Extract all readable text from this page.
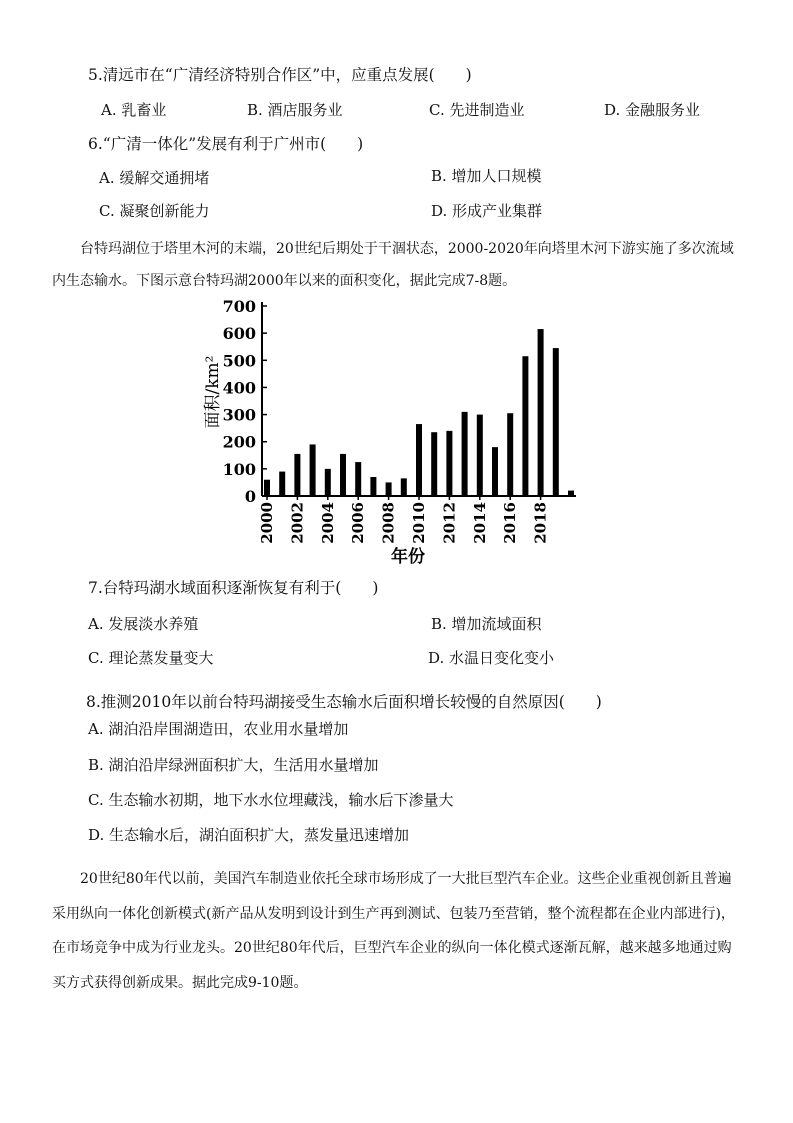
5.清远市在“广清经济特别合作区”中，应重点发展(　　)
A. 乳畜业	B. 酒店服务业	C. 先进制造业	D. 金融服务业
6.“广清一体化”发展有利于广州市(　　)
A. 缓解交通拥堵	B. 增加人口规模
C. 凝聚创新能力	D. 形成产业集群

台特玛湖位于塔里木河的末端，20世纪后期处于干涸状态，2000-2020年向塔里木河下游实施了多次流域内生态输水。下图示意台特玛湖2000年以来的面积变化，据此完成7-8题。

0
100
200
300
400
500
600
700
2000 2002 2004 2006 2008 2010 2012 2014 2016 2018
面积/km²
年份
7.台特玛湖水域面积逐渐恢复有利于(　　)
A. 发展淡水养殖	B. 增加流域面积
C. 理论蒸发量变大	D. 水温日变化变小
8.推测2010年以前台特玛湖接受生态输水后面积增长较慢的自然原因(　　)
A. 湖泊沿岸围湖造田，农业用水量增加
B. 湖泊沿岸绿洲面积扩大，生活用水量增加
C. 生态输水初期，地下水水位埋藏浅，输水后下渗量大
D. 生态输水后，湖泊面积扩大，蒸发量迅速增加

20世纪80年代以前，美国汽车制造业依托全球市场形成了一大批巨型汽车企业。这些企业重视创新且普遍采用纵向一体化创新模式(新产品从发明到设计到生产再到测试、包装乃至营销，整个流程都在企业内部进行)，在市场竞争中成为行业龙头。20世纪80年代后，巨型汽车企业的纵向一体化模式逐渐瓦解，越来越多地通过购买方式获得创新成果。据此完成9-10题。
